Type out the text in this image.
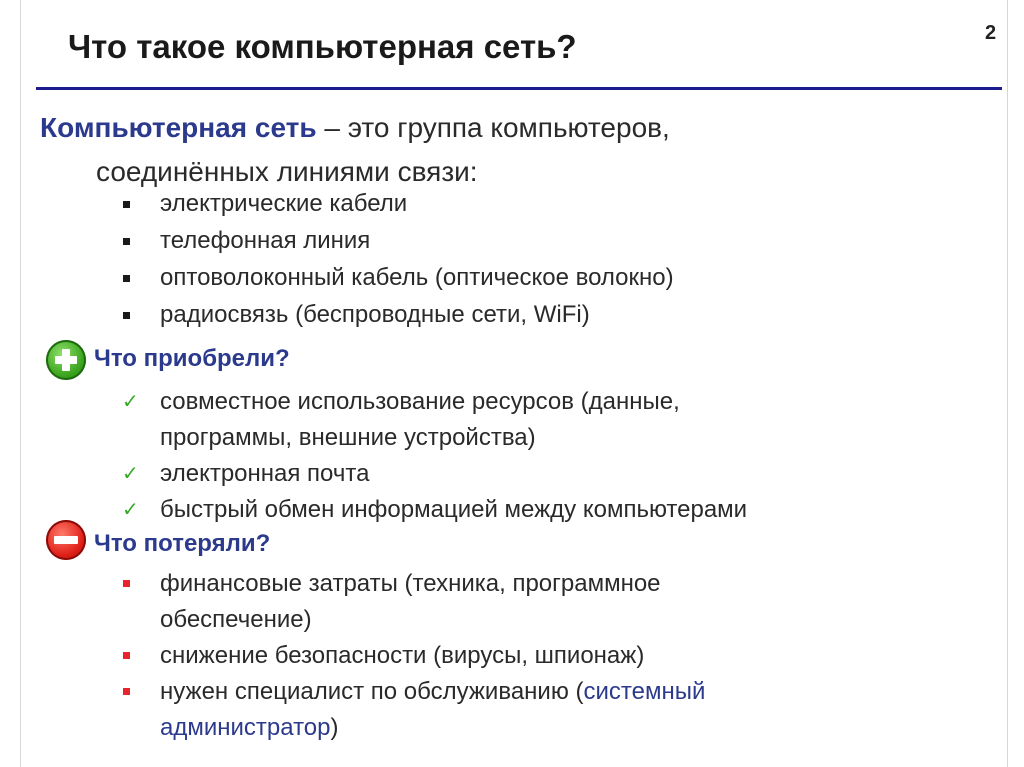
2
Что такое компьютерная сеть?
Компьютерная сеть – это группа компьютеров,
соединённых линиями связи:
электрические кабели
телефонная линия
оптоволоконный кабель (оптическое волокно)
радиосвязь (беспроводные сети, WiFi)
Что приобрели?
✓ совместное использование ресурсов (данные, программы, внешние устройства)
✓ электронная почта
✓ быстрый обмен информацией между компьютерами
Что потеряли?
финансовые затраты (техника, программное обеспечение)
снижение безопасности (вирусы, шпионаж)
нужен специалист по обслуживанию (системный администратор)
